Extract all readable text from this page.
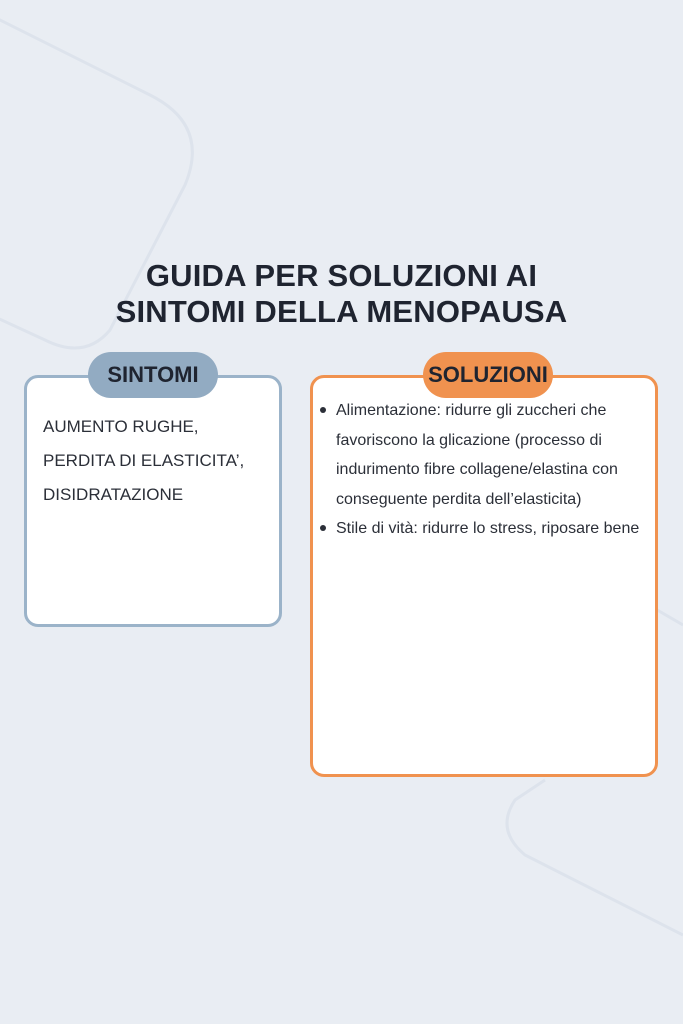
GUIDA PER SOLUZIONI AI
SINTOMI DELLA MENOPAUSA
SINTOMI
AUMENTO RUGHE,
PERDITA DI ELASTICITA’,
DISIDRATAZIONE
SOLUZIONI
Alimentazione: ridurre gli zuccheri che favoriscono la glicazione (processo di indurimento fibre collagene/elastina con conseguente perdita dell’elasticita)
Stile di vità: ridurre lo stress, riposare bene
